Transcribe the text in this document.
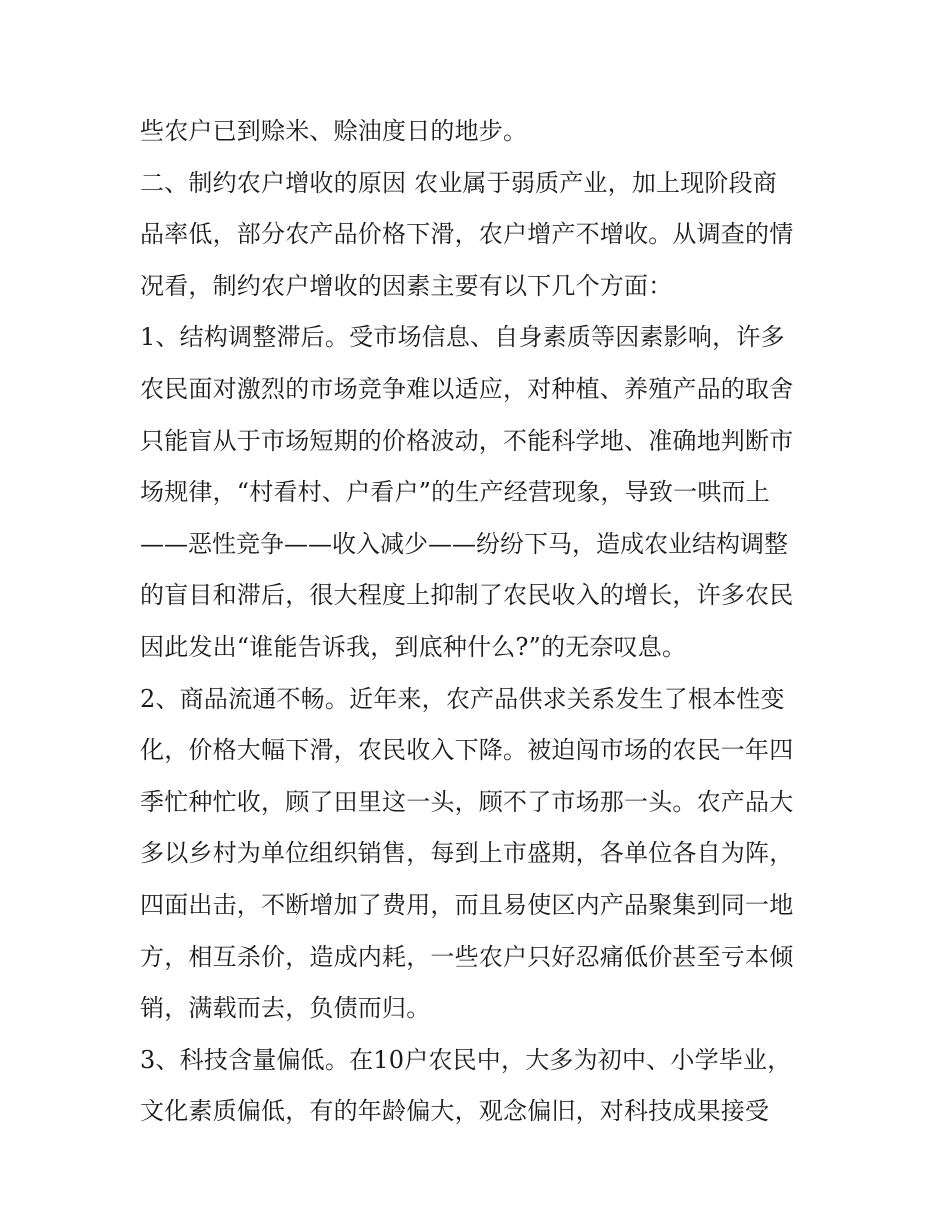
些农户已到赊米、赊油度日的地步。
二、制约农户增收的原因 农业属于弱质产业，加上现阶段商
品率低，部分农产品价格下滑，农户增产不增收。从调查的情
况看，制约农户增收的因素主要有以下几个方面：
1、结构调整滞后。受市场信息、自身素质等因素影响，许多
农民面对激烈的市场竞争难以适应，对种植、养殖产品的取舍
只能盲从于市场短期的价格波动，不能科学地、准确地判断市
场规律，“村看村、户看户”的生产经营现象，导致一哄而上
——恶性竞争——收入减少——纷纷下马，造成农业结构调整
的盲目和滞后，很大程度上抑制了农民收入的增长，许多农民
因此发出“谁能告诉我，到底种什么?”的无奈叹息。
2、商品流通不畅。近年来，农产品供求关系发生了根本性变
化，价格大幅下滑，农民收入下降。被迫闯市场的农民一年四
季忙种忙收，顾了田里这一头，顾不了市场那一头。农产品大
多以乡村为单位组织销售，每到上市盛期，各单位各自为阵，
四面出击，不断增加了费用，而且易使区内产品聚集到同一地
方，相互杀价，造成内耗，一些农户只好忍痛低价甚至亏本倾
销，满载而去，负债而归。
3、科技含量偏低。在10户农民中，大多为初中、小学毕业，
文化素质偏低，有的年龄偏大，观念偏旧，对科技成果接受
